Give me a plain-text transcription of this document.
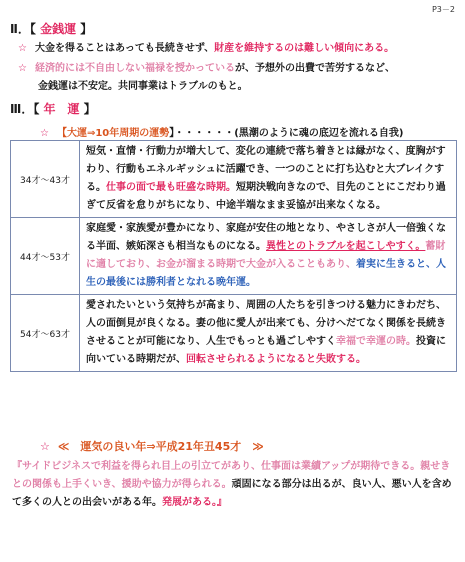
P3－2
Ⅱ．【 金銭運 】
☆ 大金を得ることはあっても長続きせず、財産を維持するのは難しい傾向にある。
☆ 経済的には不自由しない福禄を授かっているが、予想外の出費で苦労するなど、
金銭運は不安定。共同事業はトラブルのもと。
Ⅲ．【 年　運 】
☆ 【大運⇒10年周期の運勢】・・・・・・(黒潮のように魂の底辺を流れる自我)
34才～43才	短気・直情・行動力が増大して、変化の連続で落ち着きとは縁がなく、度胸がすわり、行動もエネルギッシュに活躍でき、一つのことに打ち込むと大ブレイクする。仕事の面で最も旺盛な時期。短期決戦向きなので、目先のことにこだわり過ぎて反省を怠りがちになり、中途半端なまま妥協が出来なくなる。
44才～53才	家庭愛・家族愛が豊かになり、家庭が安住の地となり、やさしさが人一倍強くなる半面、嫉妬深さも相当なものになる。異性とのトラブルを起こしやすく。蓄財に適しており、お金が溜まる時期で大金が入ることもあり、着実に生きると、人生の最後には勝利者となれる晩年運。
54才～63才	愛されたいという気持ちが高まり、周囲の人たちを引きつける魅力にきわだち、人の面倒見が良くなる。妻の他に愛人が出来ても、分けへだてなく関係を長続きさせることが可能になり、人生でもっとも過ごしやすく幸福で幸運の時。投資に向いている時期だが、回転させられるようになると失敗する。
☆ ≪　運気の良い年⇒平成21年丑45才　≫
『サイドビジネスで利益を得られ目上の引立てがあり、仕事面は業績アップが期待できる。親せきとの関係も上手くいき、援助や協力が得られる。頑固になる部分は出るが、良い人、悪い人を含めて多くの人との出会いがある年。発展がある。』
